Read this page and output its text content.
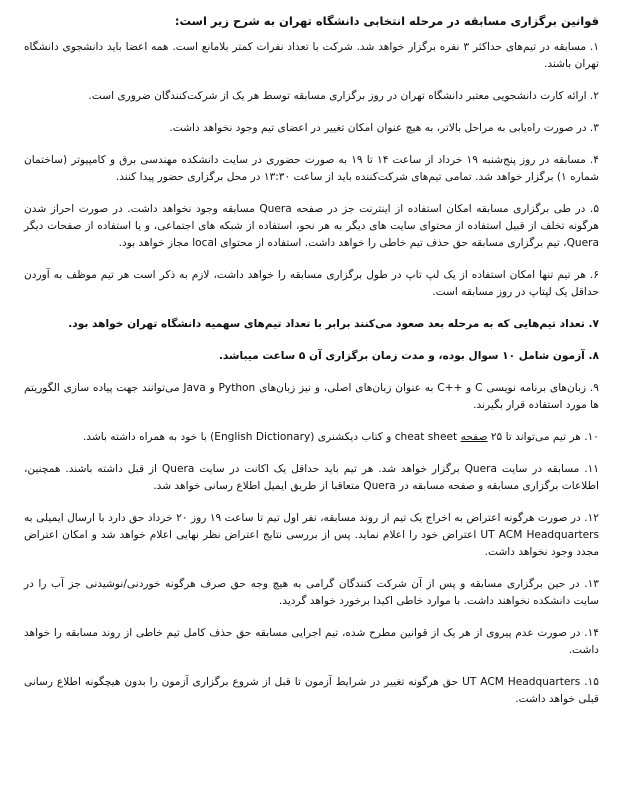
قوانین برگزاری مسابقه در مرحله انتخابی دانشگاه تهران به شرح زیر است:
۱. مسابقه در تیم‌های حداکثر ۳ نفره برگزار خواهد شد. شرکت با تعداد نفرات کمتر بلامانع است. همه اعضا باید دانشجوی دانشگاه تهران باشند.
۲. ارائه کارت دانشجویی معتبر دانشگاه تهران در روز برگزاری مسابقه توسط هر یک از شرکت‌کنندگان ضروری است.
۳. در صورت راه‌یابی به مراحل بالاتر، به هیچ عنوان امکان تغییر در اعضای تیم وجود نخواهد داشت.
۴. مسابقه در روز پنج‌شنبه ۱۹ خرداد از ساعت ۱۴ تا ۱۹ به صورت حضوری در سایت دانشکده مهندسی برق و کامپیوتر (ساختمان شماره ۱) برگزار خواهد شد. تمامی تیم‌های شرکت‌کننده باید از ساعت ۱۳:۳۰ در محل برگزاری حضور پیدا کنند.
۵. در طی برگزاری مسابقه امکان استفاده از اینترنت جز در صفحه Quera مسابقه وجود نخواهد داشت. در صورت احراز شدن هرگونه تخلف از قبیل استفاده از محتوای سایت های دیگر به هر نحو، استفاده از شبکه های اجتماعی، و یا استفاده از صفحات دیگر Quera، تیم برگزاری مسابقه حق حذف تیم خاطی را خواهد داشت. استفاده از محتوای local مجاز خواهد بود.
۶. هر تیم تنها امکان استفاده از یک لپ تاپ در طول برگزاری مسابقه را خواهد داشت، لازم به ذکر است هر تیم موظف به آوردن حداقل یک لپتاپ در روز مسابقه است.
۷. تعداد تیم‌هایی که به مرحله بعد صعود می‌کنند برابر با تعداد تیم‌های سهمیه دانشگاه تهران خواهد بود.
۸. آزمون شامل ۱۰ سوال بوده، و مدت زمان برگزاری آن ۵ ساعت میباشد.
۹. زبان‌های برنامه نویسی C و ++C به عنوان زبان‌های اصلی، و نیز زبان‌های Python و Java می‌توانند جهت پیاده سازی الگوریتم ها مورد استفاده قرار بگیرند.
۱۰. هر تیم می‌تواند تا ۲۵ صفحه cheat sheet و کتاب دیکشنری (English Dictionary) با خود به همراه داشته باشد.
۱۱. مسابقه در سایت Quera برگزار خواهد شد. هر تیم باید حداقل یک اکانت در سایت Quera از قبل داشته باشند. همچنین، اطلاعات برگزاری مسابقه و صفحه مسابقه در Quera متعاقبا از طریق ایمیل اطلاع رسانی خواهد شد.
۱۲. در صورت هرگونه اعتراض به اخراج یک تیم از روند مسابقه، نفر اول تیم تا ساعت ۱۹ روز ۲۰ خرداد حق دارد با ارسال ایمیلی به UT ACM Headquarters اعتراض خود را اعلام نماید. پس از بررسی نتایج اعتراض نظر نهایی اعلام خواهد شد و امکان اعتراض مجدد وجود نخواهد داشت.
۱۳. در حین برگزاری مسابقه و پس از آن شرکت کنندگان گرامی به هیچ وجه حق صرف هرگونه خوردنی/نوشیدنی جز آب را در سایت دانشکده نخواهند داشت. با موارد خاطی اکیدا برخورد خواهد گردید.
۱۴. در صورت عدم پیروی از هر یک از قوانین مطرح شده، تیم اجرایی مسابقه حق حذف کامل تیم خاطی از روند مسابقه را خواهد داشت.
۱۵. UT ACM Headquarters حق هرگونه تغییر در شرایط آزمون تا قبل از شروع برگزاری آزمون را بدون هیچگونه اطلاع رسانی قبلی خواهد داشت.
